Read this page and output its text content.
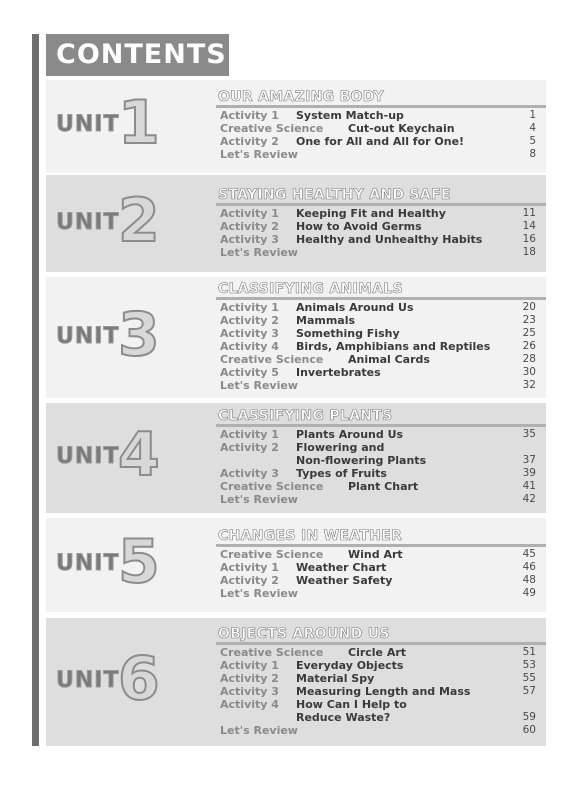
CONTENTS
UNIT
1	OUR AMAZING BODY
Activity 1 System Match-up	1
Creative Science Cut-out Keychain	4
Activity 2 One for All and All for One!	5
Let's Review	8
UNIT
2	STAYING HEALTHY AND SAFE
Activity 1 Keeping Fit and Healthy	11
Activity 2 How to Avoid Germs	14
Activity 3 Healthy and Unhealthy Habits	16
Let's Review	18
UNIT
3
CLASSIFYING ANIMALS
Activity 1 Animals Around Us	20
Activity 2 Mammals	23
Activity 3 Something Fishy	25
Activity 4 Birds, Amphibians and Reptiles	26
Creative Science Animal Cards	28
Activity 5 Invertebrates	30
Let's Review	32
UNIT
4
CLASSIFYING PLANTS
Activity 1 Plants Around Us	35
Activity 2 Flowering and
Non-flowering Plants	37
Activity 3 Types of Fruits	39
Creative Science Plant Chart	41
Let's Review	42
UNIT
5	CHANGES IN WEATHER
Creative Science Wind Art	45
Activity 1 Weather Chart	46
Activity 2 Weather Safety	48
Let's Review	49
UNIT
6
OBJECTS AROUND US
Creative Science Circle Art	51
Activity 1 Everyday Objects	53
Activity 2 Material Spy	55
Activity 3 Measuring Length and Mass	57
Activity 4 How Can I Help to
Reduce Waste?	59
Let's Review	60
